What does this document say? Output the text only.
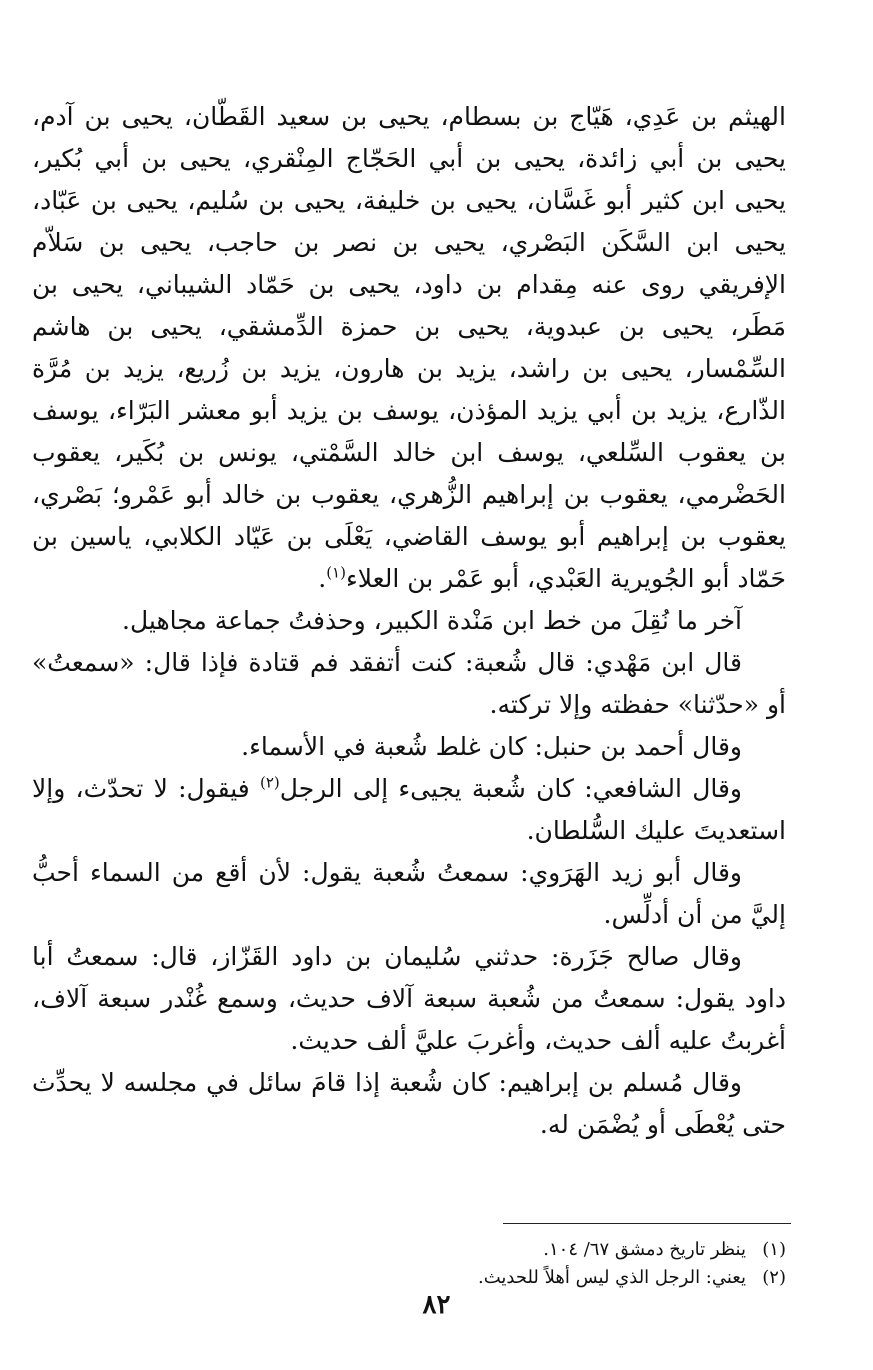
الهيثم بن عَدِي، هَيّاج بن بسطام، يحيى بن سعيد القَطّان، يحيى بن آدم، يحيى بن أبي زائدة، يحيى بن أبي الحَجّاج المِنْقري، يحيى بن أبي بُكير، يحيى ابن كثير أبو غَسَّان، يحيى بن خليفة، يحيى بن سُليم، يحيى بن عَبّاد، يحيى ابن السَّكَن البَصْري، يحيى بن نصر بن حاجب، يحيى بن سَلاّم الإفريقي روى عنه مِقدام بن داود، يحيى بن حَمّاد الشيباني، يحيى بن مَطَر، يحيى بن عبدوية، يحيى بن حمزة الدِّمشقي، يحيى بن هاشم السِّمْسار، يحيى بن راشد، يزيد بن هارون، يزيد بن زُريع، يزيد بن مُرَّة الذّارع، يزيد بن أبي يزيد المؤذن، يوسف بن يزيد أبو معشر البَرّاء، يوسف بن يعقوب السِّلعي، يوسف ابن خالد السَّمْتي، يونس بن بُكَير، يعقوب الحَضْرمي، يعقوب بن إبراهيم الزُّهري، يعقوب بن خالد أبو عَمْرو؛ بَصْري، يعقوب بن إبراهيم أبو يوسف القاضي، يَعْلَى بن عَيّاد الكلابي، ياسين بن حَمّاد أبو الجُويرية العَبْدي، أبو عَمْر بن العلاء$^{(١)}$.

آخر ما نُقِلَ من خط ابن مَنْدة الكبير، وحذفتُ جماعة مجاهيل.

قال ابن مَهْدي: قال شُعبة: كنت أتفقد فم قتادة فإذا قال: «سمعتُ» أو «حدّثنا» حفظته وإلا تركته.

وقال أحمد بن حنبل: كان غلط شُعبة في الأسماء.

وقال الشافعي: كان شُعبة يجيىء إلى الرجل$^{(٢)}$ فيقول: لا تحدّث، وإلا استعديتَ عليك السُّلطان.

وقال أبو زيد الهَرَوي: سمعتُ شُعبة يقول: لأن أقع من السماء أحبُّ إليَّ من أن أدلِّس.

وقال صالح جَزَرة: حدثني سُليمان بن داود القَزّاز، قال: سمعتُ أبا داود يقول: سمعتُ من شُعبة سبعة آلاف حديث، وسمع غُنْدر سبعة آلاف، أغربتُ عليه ألف حديث، وأغربَ عليَّ ألف حديث.

وقال مُسلم بن إبراهيم: كان شُعبة إذا قامَ سائل في مجلسه لا يحدِّث حتى يُعْطَى أو يُضْمَن له.

(١)ينظر تاريخ دمشق ٦٧/ ١٠٤.

(٢)يعني: الرجل الذي ليس أهلاً للحديث.

٨٢
